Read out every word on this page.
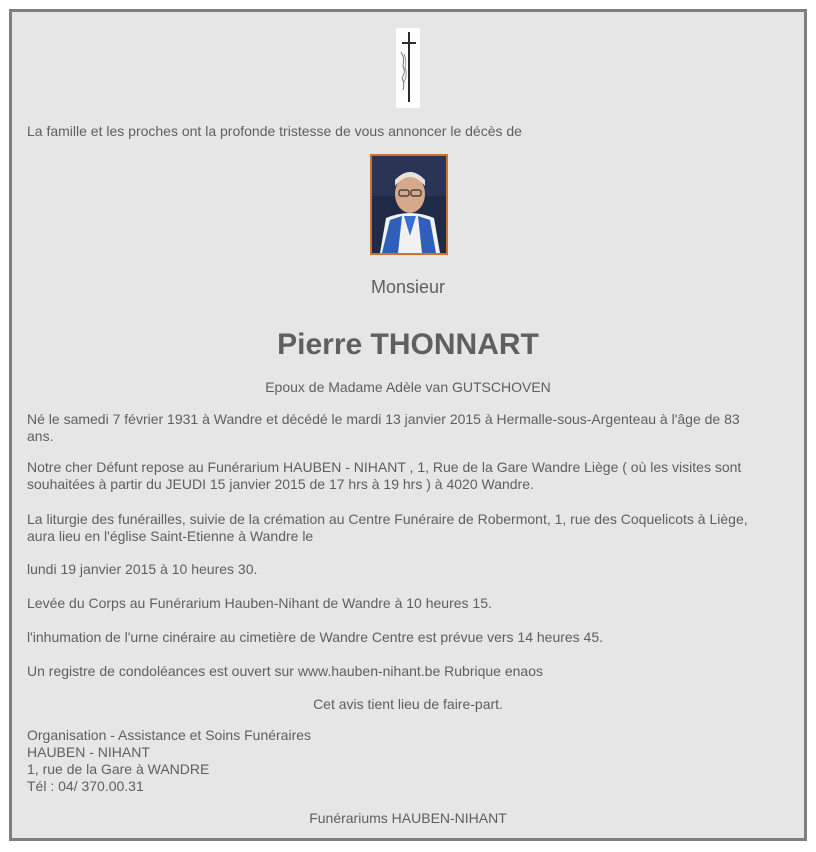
La famille et les proches ont la profonde tristesse de vous annoncer le décès de
Monsieur
Pierre THONNART
Epoux de Madame Adèle van GUTSCHOVEN
Né le samedi 7 février 1931 à Wandre et décédé le mardi 13 janvier 2015 à Hermalle-sous-Argenteau à l'âge de 83
ans.
Notre cher Défunt repose au Funérarium HAUBEN - NIHANT , 1, Rue de la Gare Wandre Liège ( où les visites sont
souhaitées à partir du JEUDI 15 janvier 2015 de 17 hrs à 19 hrs ) à 4020 Wandre.
La liturgie des funérailles, suivie de la crémation au Centre Funéraire de Robermont, 1, rue des Coquelicots à Liège,
aura lieu en l'église Saint-Etienne à Wandre le
lundi 19 janvier 2015 à 10 heures 30.
Levée du Corps au Funérarium Hauben-Nihant de Wandre à 10 heures 15.
l'inhumation de l'urne cinéraire au cimetière de Wandre Centre est prévue vers 14 heures 45.
Un registre de condoléances est ouvert sur www.hauben-nihant.be Rubrique enaos
Cet avis tient lieu de faire-part.
Organisation - Assistance et Soins Funéraires
HAUBEN - NIHANT
1, rue de la Gare à WANDRE
Tél : 04/ 370.00.31
Funérariums HAUBEN-NIHANT
